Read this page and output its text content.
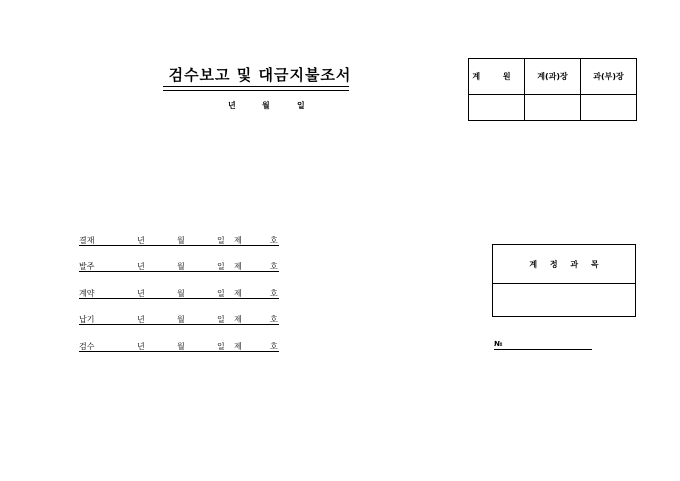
검수보고 및 대금지불조서
년	월	일
계 원	계(과)장	과(부)장

결재	년	월	일 제	호
발주	년	월	일 제	호
계약	년	월	일 제	호
납기	년	월	일 제	호
검수	년	월	일 제	호
계 정 과 목
№
